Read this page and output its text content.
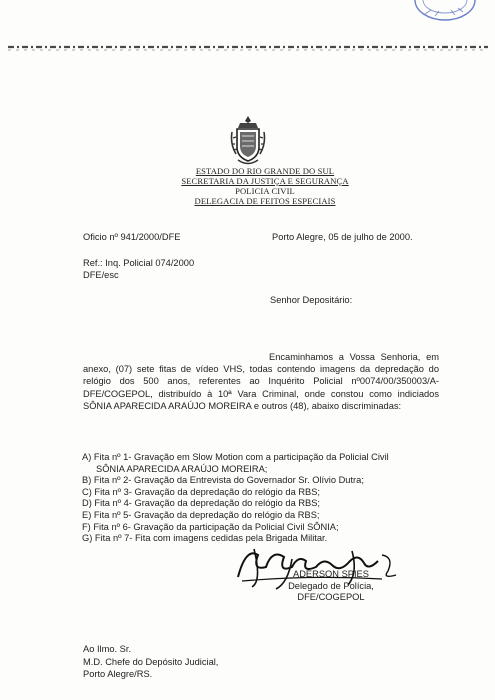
ESTADO DO RIO GRANDE DO SUL
SECRETARIA DA JUSTIÇA E SEGURANÇA
POLICIA CIVIL
DELEGACIA DE FEITOS ESPECIAIS
Oficio nº 941/2000/DFE	Porto Alegre, 05 de julho de 2000.
Ref.: Inq. Policial 074/2000
DFE/esc
Senhor Depositário:
Encaminhamos a Vossa Senhoria, em anexo, (07) sete fitas de vídeo VHS, todas contendo imagens da depredação do relógio dos 500 anos, referentes ao Inquérito Policial nº0074/00/350003/A-DFE/COGEPOL, distribuído à 10ª Vara Criminal, onde constou como indiciados SÔNIA APARECIDA ARAÚJO MOREIRA e outros (48), abaixo discriminadas:
A) Fita nº 1- Gravação em Slow Motion com a participação da Policial Civil
SÔNIA APARECIDA ARAÚJO MOREIRA;
B) Fita nº 2- Gravação da Entrevista do Governador Sr. Olívio Dutra;
C) Fita nº 3- Gravação da depredação do relógio da RBS;
D) Fita nº 4- Gravação da depredação do relógio da RBS;
E) Fita nº 5- Gravação da depredação do relógio da RBS;
F) Fita nº 6- Gravação da participação da Policial Civil SÔNIA;
G) Fita nº 7- Fita com imagens cedidas pela Brigada Militar.
ADERSON SPIES
Delegado de Polícia,
DFE/COGEPOL
Ao Ilmo. Sr.
M.D. Chefe do Depósito Judicial,
Porto Alegre/RS.
